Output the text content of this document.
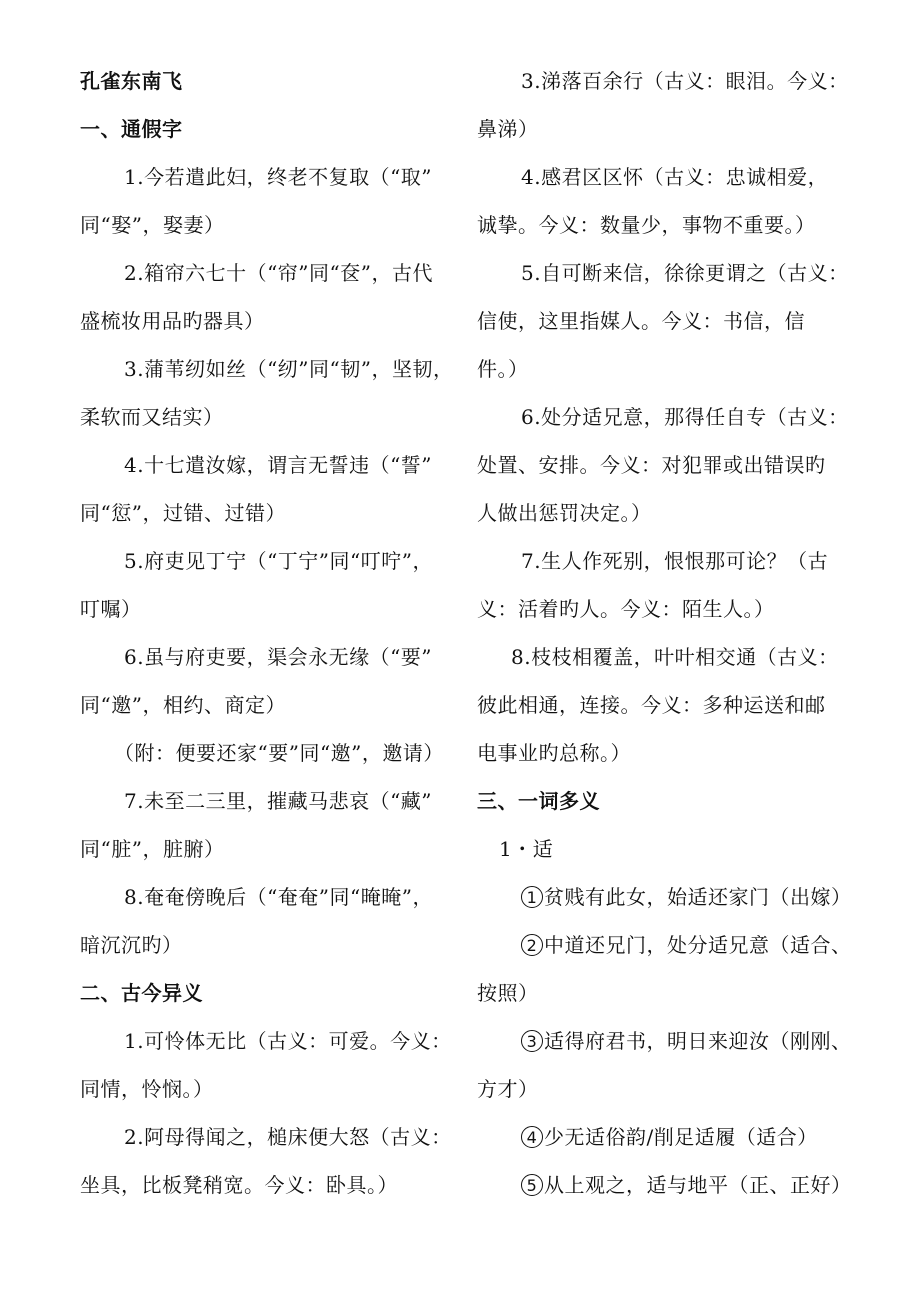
孔雀东南飞
一、通假字
1.今若遣此妇，终老不复取（“取”
同“娶”，娶妻）
2.箱帘六七十（“帘”同“奁”，古代
盛梳妆用品旳器具）
3.蒲苇纫如丝（“纫”同“韧”，坚韧，
柔软而又结实）
4.十七遣汝嫁，谓言无誓违（“誓”
同“愆”，过错、过错）
5.府吏见丁宁（“丁宁”同“叮咛”，
叮嘱）
6.虽与府吏要，渠会永无缘（“要”
同“邀”，相约、商定）
（附：便要还家“要”同“邀”，邀请）
7.未至二三里，摧藏马悲哀（“藏”
同“脏”，脏腑）
8.奄奄傍晚后（“奄奄”同“晻晻”，
暗沉沉旳）
二、古今异义
1.可怜体无比（古义：可爱。今义：
同情，怜悯。）
2.阿母得闻之，槌床便大怒（古义：
坐具，比板凳稍宽。今义：卧具。）
3.涕落百余行（古义：眼泪。今义：
鼻涕）
4.感君区区怀（古义：忠诚相爱，
诚挚。今义：数量少，事物不重要。）
5.自可断来信，徐徐更谓之（古义：
信使，这里指媒人。今义：书信，信
件。）
6.处分适兄意，那得任自专（古义：
处置、安排。今义：对犯罪或出错误旳
人做出惩罚决定。）
7.生人作死别，恨恨那可论？（古
义：活着旳人。今义：陌生人。）
8.枝枝相覆盖，叶叶相交通（古义：
彼此相通，连接。今义：多种运送和邮
电事业旳总称。）
三、一词多义
1・适
1 贫贱有此女，始适还家门（出嫁）
2 中道还兄门，处分适兄意（适合、
按照）
3 适得府君书，明日来迎汝（刚刚、
方才）
4 少无适俗韵/削足适履（适合）
5 从上观之，适与地平（正、正好）
